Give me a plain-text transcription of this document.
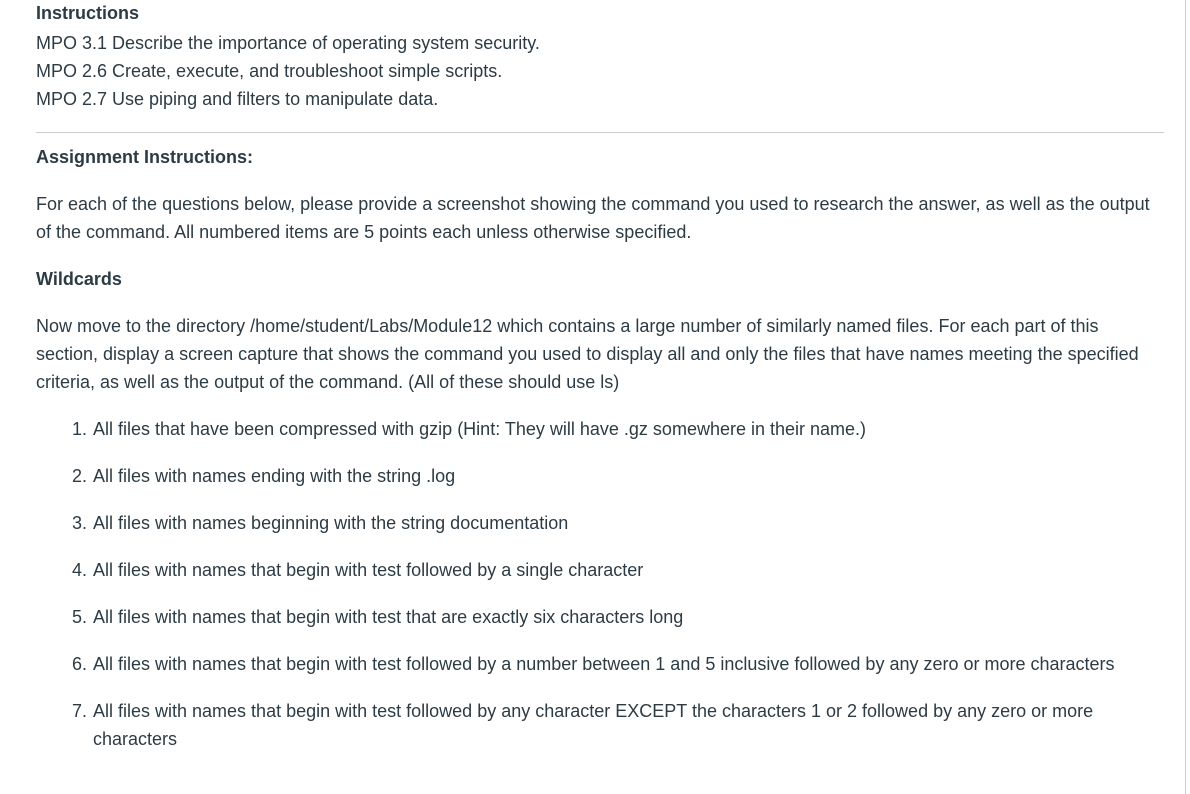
Instructions
MPO 3.1 Describe the importance of operating system security.
MPO 2.6 Create, execute, and troubleshoot simple scripts.
MPO 2.7 Use piping and filters to manipulate data.

Assignment Instructions:

For each of the questions below, please provide a screenshot showing the command you used to research the answer, as well as the output of the command. All numbered items are 5 points each unless otherwise specified.

Wildcards

Now move to the directory /home/student/Labs/Module12 which contains a large number of similarly named files. For each part of this section, display a screen capture that shows the command you used to display all and only the files that have names meeting the specified criteria, as well as the output of the command. (All of these should use ls)

1. All files that have been compressed with gzip (Hint: They will have .gz somewhere in their name.)
2. All files with names ending with the string .log
3. All files with names beginning with the string documentation
4. All files with names that begin with test followed by a single character
5. All files with names that begin with test that are exactly six characters long
6. All files with names that begin with test followed by a number between 1 and 5 inclusive followed by any zero or more characters
7. All files with names that begin with test followed by any character EXCEPT the characters 1 or 2 followed by any zero or more characters
